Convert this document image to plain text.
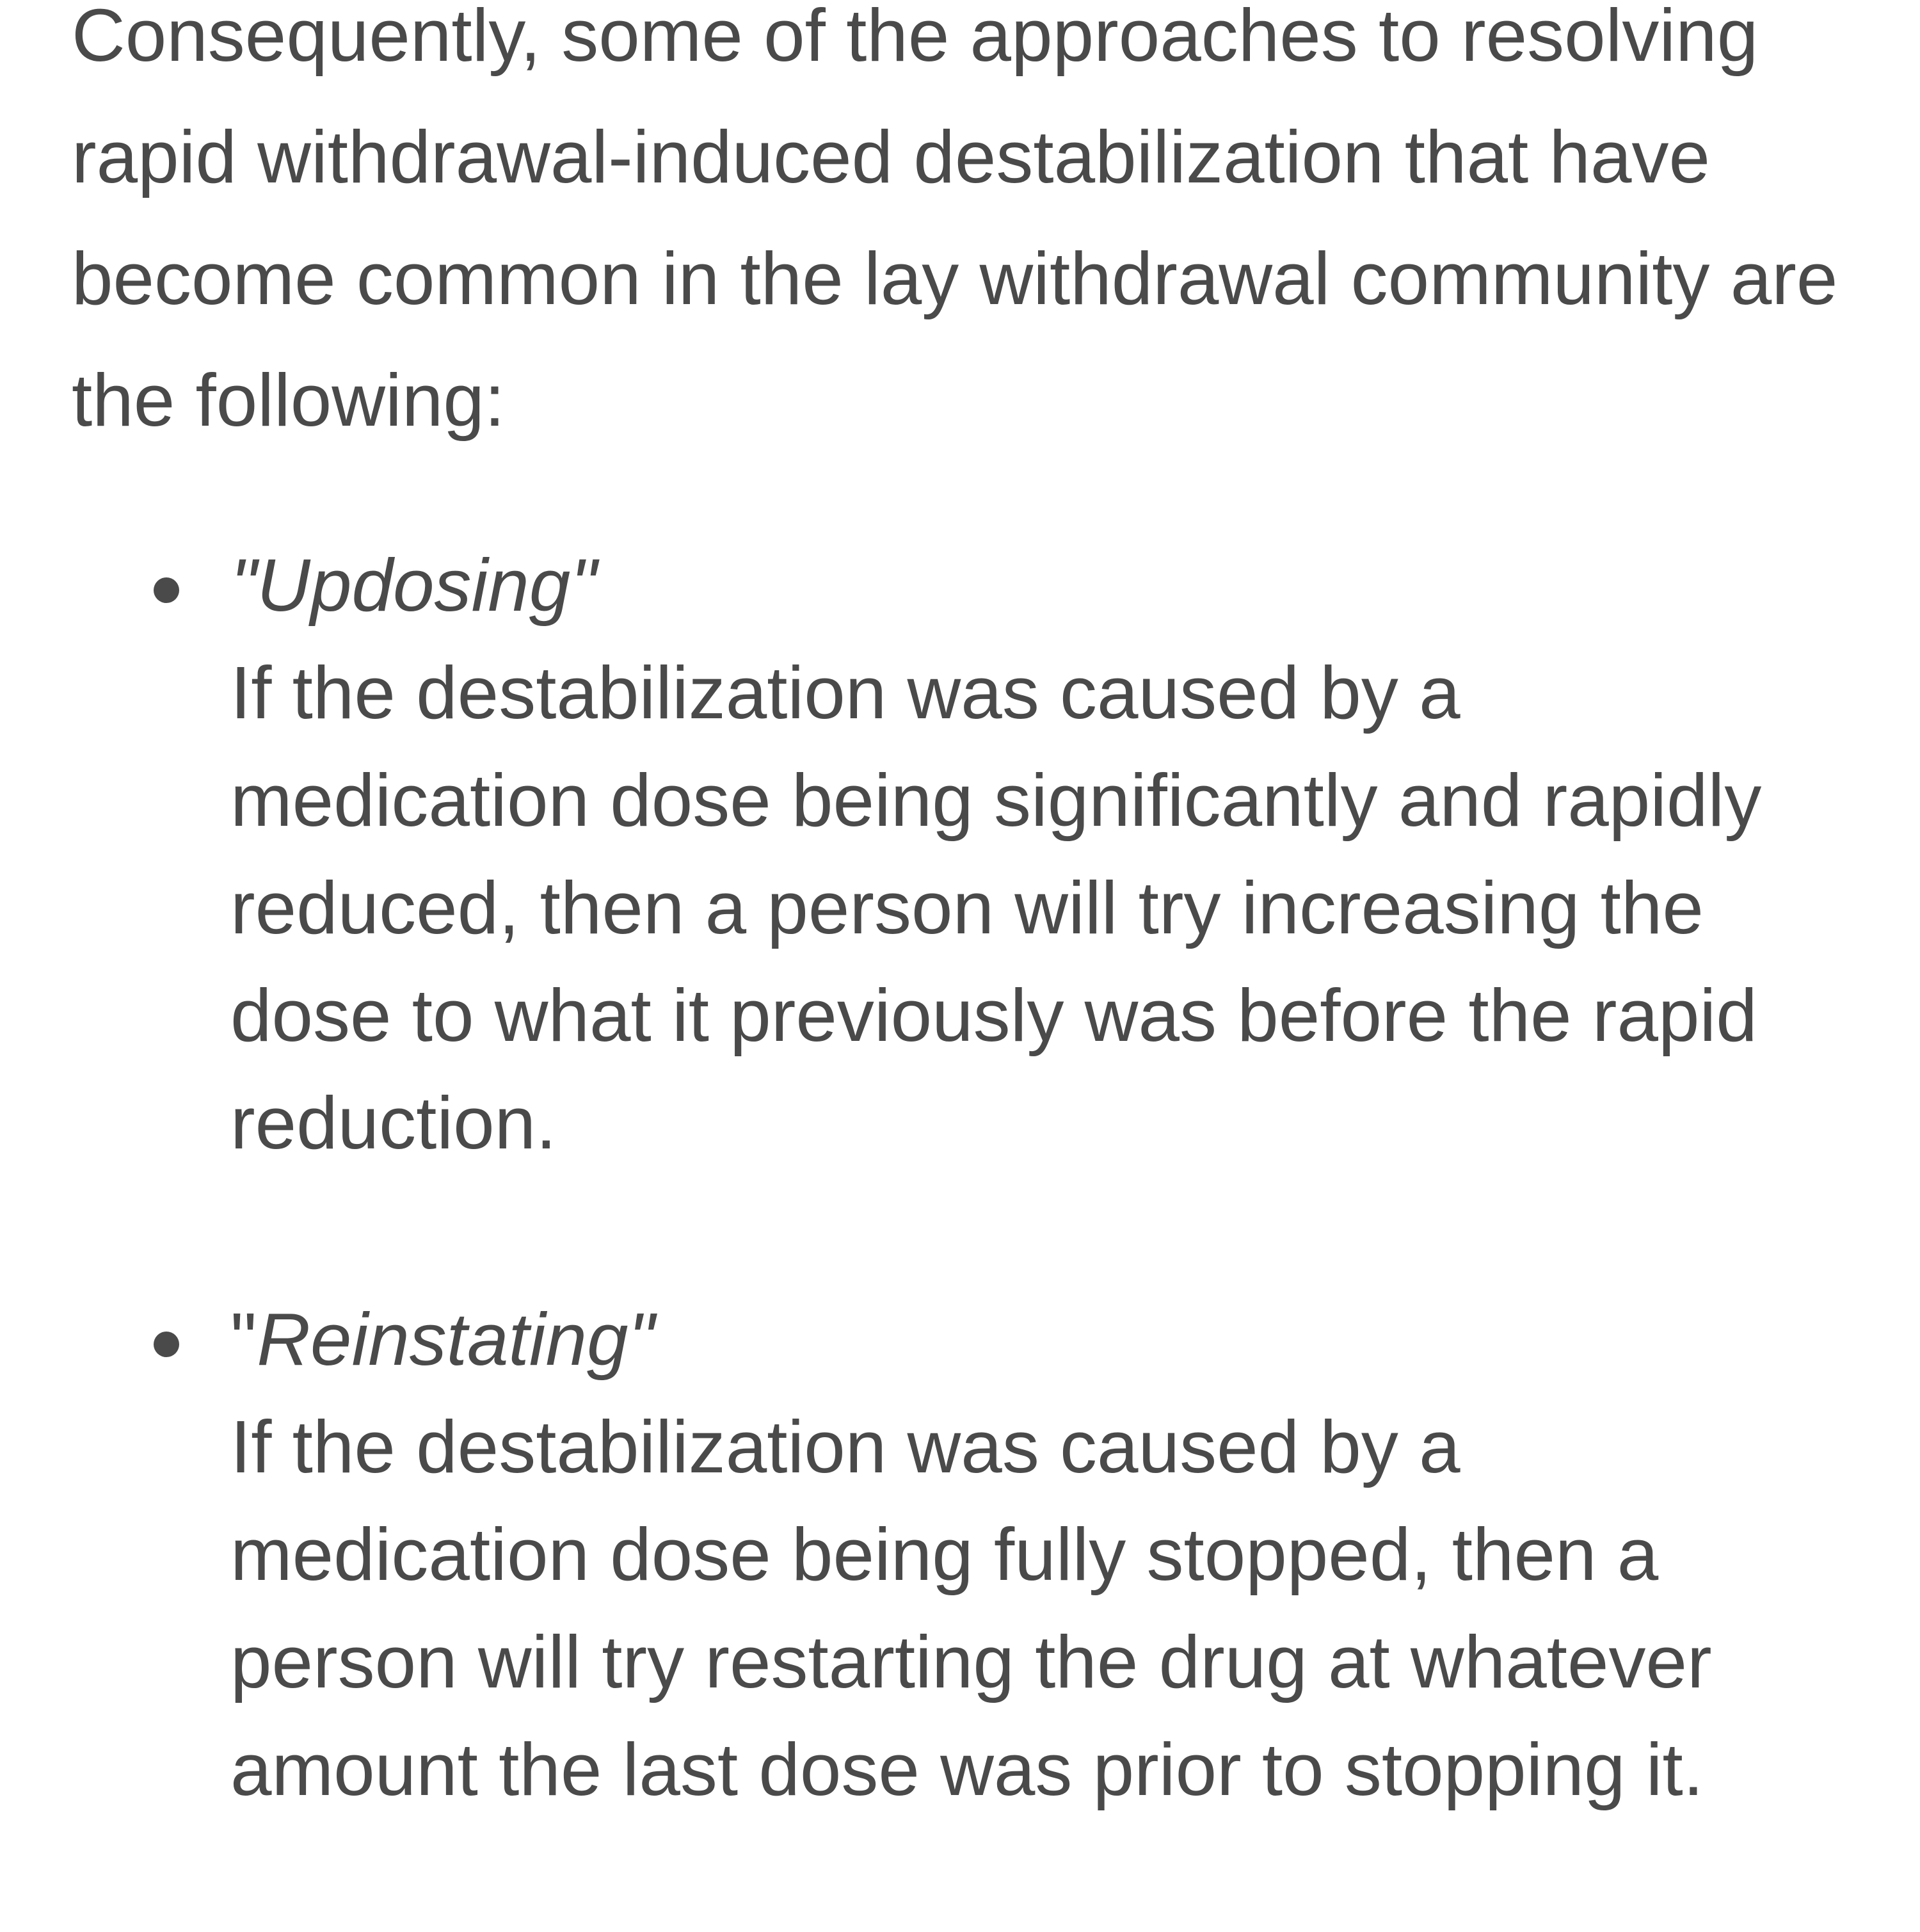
Consequently, some of the approaches to resolving rapid withdrawal-induced destabilization that have become common in the lay withdrawal community are the following:

"Updosing"
If the destabilization was caused by a medication dose being significantly and rapidly reduced, then a person will try increasing the dose to what it previously was before the rapid reduction.
"Reinstating"
If the destabilization was caused by a medication dose being fully stopped, then a person will try restarting the drug at whatever amount the last dose was prior to stopping it.
